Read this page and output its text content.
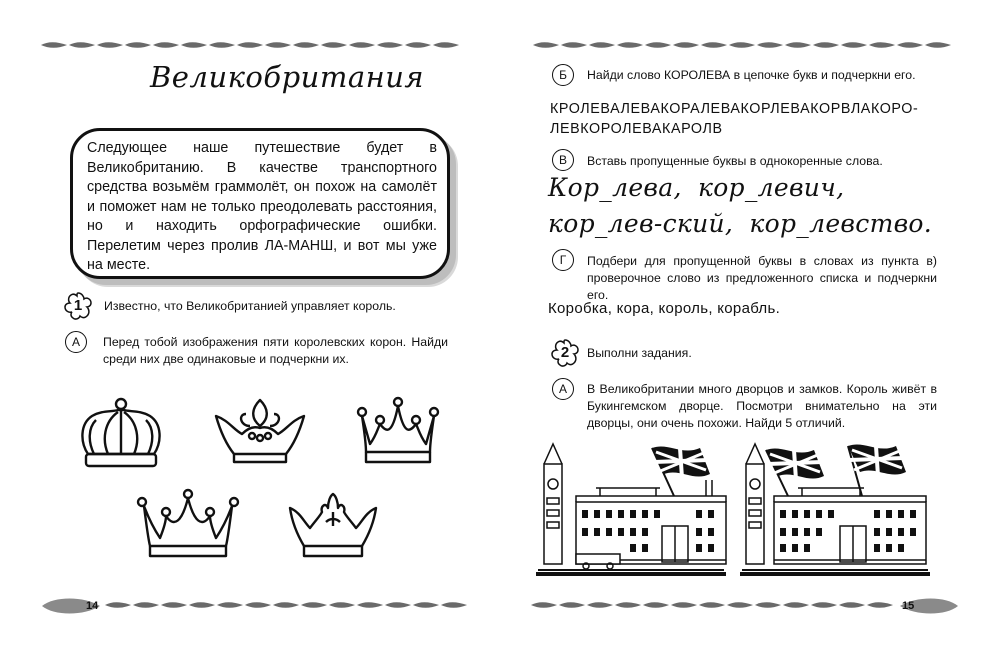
Великобритания
Следующее наше путешествие будет в Великобританию. В качестве транспортного средства возьмём граммолёт, он похож на самолёт и поможет нам не только преодолевать расстояния, но и находить орфографические ошибки. Перелетим через пролив ЛА-МАНШ, и вот мы уже на месте.
1	Известно, что Великобританией управляет король.
А	Перед тобой изображения пяти королевских корон. Найди среди них две одинаковые и подчеркни их.
14
Б	Найди слово КОРОЛЕВА в цепочке букв и подчеркни его.
КРОЛЕВАЛЕВАКОРАЛЕВАКОРЛЕВАКОРВЛАКОРО-ЛЕВКОРОЛЕВАКАРОЛВ
В	Вставь пропущенные буквы в однокоренные слова.
Кор_лева, кор_левич, кор_лев-ский, кор_левство.
Г	Подбери для пропущенной буквы в словах из пункта в) проверочное слово из предложенного списка и подчеркни его.
Коробка, кора, король, корабль.
2	Выполни задания.
А	В Великобритании много дворцов и замков. Король живёт в Букингемском дворце. Посмотри внимательно на эти дворцы, они очень похожи. Найди 5 отличий.
15
